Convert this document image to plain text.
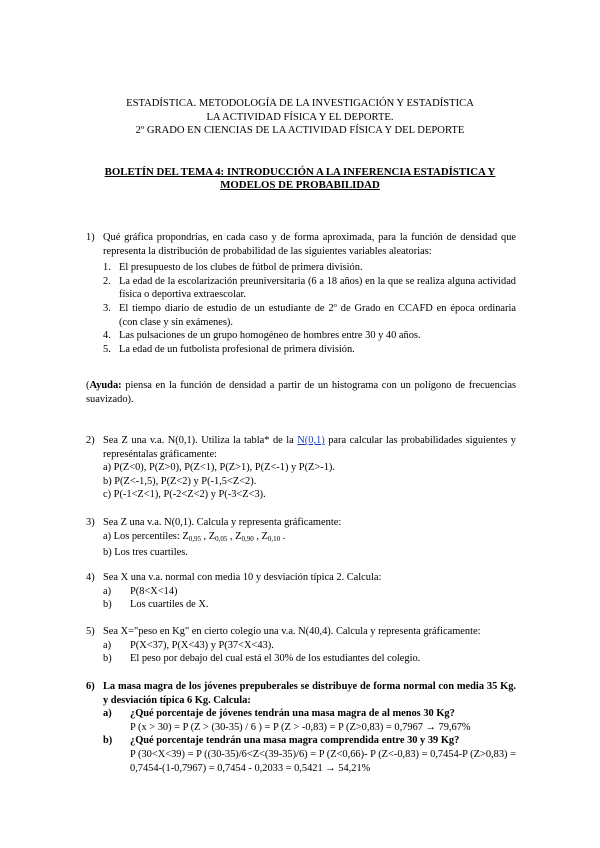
ESTADÍSTICA. METODOLOGÍA DE LA INVESTIGACIÓN Y ESTADÍSTICA
LA ACTIVIDAD FÍSICA Y EL DEPORTE.
2º GRADO EN CIENCIAS DE LA ACTIVIDAD FÍSICA Y DEL DEPORTE
BOLETÍN DEL TEMA 4: INTRODUCCIÓN A LA INFERENCIA ESTADÍSTICA Y
MODELOS DE PROBABILIDAD
1) Qué gráfica propondrías, en cada caso y de forma aproximada, para la función de densidad que representa la distribución de probabilidad de las siguientes variables aleatorias:
1. El presupuesto de los clubes de fútbol de primera división.
2. La edad de la escolarización preuniversitaria (6 a 18 años) en la que se realiza alguna actividad física o deportiva extraescolar.
3. El tiempo diario de estudio de un estudiante de 2º de Grado en CCAFD en época ordinaria (con clase y sin exámenes).
4. Las pulsaciones de un grupo homogéneo de hombres entre 30 y 40 años.
5. La edad de un futbolista profesional de primera división.
(Ayuda: piensa en la función de densidad a partir de un histograma con un polígono de frecuencias suavizado).
2) Sea Z una v.a. N(0,1). Utiliza la tabla* de la N(0,1) para calcular las probabilidades siguientes y represéntalas gráficamente:
a) P(Z<0), P(Z>0), P(Z<1), P(Z>1), P(Z<-1) y P(Z>-1).
b) P(Z<-1,5), P(Z<2) y P(-1,5<Z<2).
c) P(-1<Z<1), P(-2<Z<2) y P(-3<Z<3).
3) Sea Z una v.a. N(0,1). Calcula y representa gráficamente:
a) Los percentiles: Z0,95 , Z0,05 , Z0,90 , Z0,10 .
b) Los tres cuartiles.
4) Sea X una v.a. normal con media 10 y desviación típica 2. Calcula:
a) P(8<X<14)
b) Los cuartiles de X.
5) Sea X="peso en Kg" en cierto colegio una v.a. N(40,4). Calcula y representa gráficamente:
a) P(X<37), P(X<43) y P(37<X<43).
b) El peso por debajo del cual está el 30% de los estudiantes del colegio.
6) La masa magra de los jóvenes prepuberales se distribuye de forma normal con media 35 Kg. y desviación típica 6 Kg. Calcula:
a) ¿Qué porcentaje de jóvenes tendrán una masa magra de al menos 30 Kg?
P (x > 30) = P (Z > (30-35) / 6 ) = P (Z > -0,83) = P (Z>0,83) = 0,7967 → 79,67%
b) ¿Qué porcentaje tendrán una masa magra comprendida entre 30 y 39 Kg?
P (30<X<39) = P ((30-35)/6<Z<(39-35)/6) = P (Z<0,66)- P (Z<-0,83) = 0,7454-P (Z>0,83) = 0,7454-(1-0,7967) = 0,7454 - 0,2033 = 0,5421 → 54,21%
